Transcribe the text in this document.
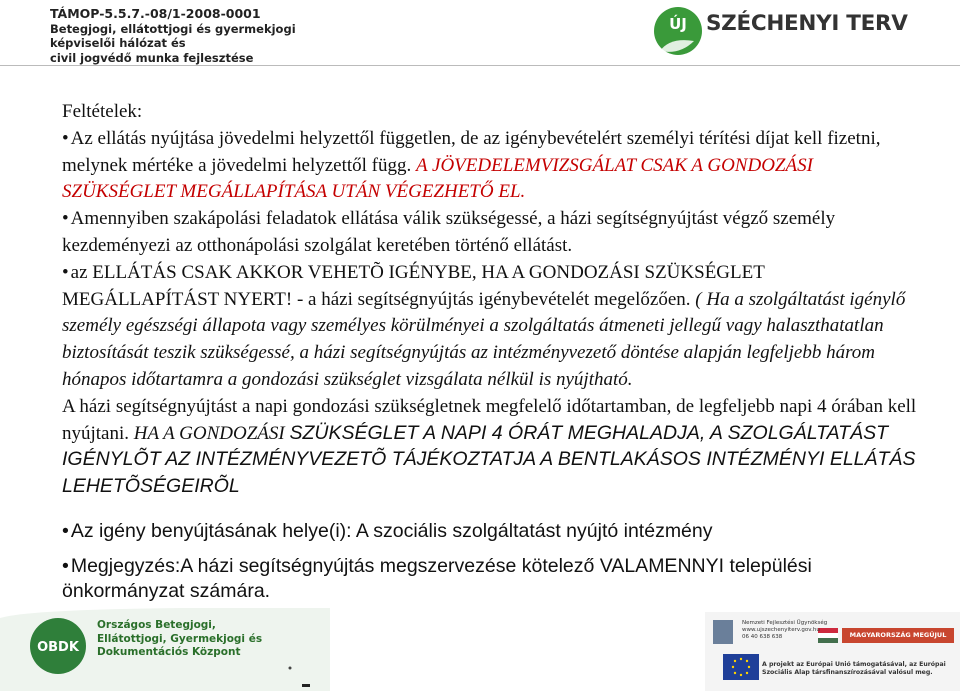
TÁMOP-5.5.7.-08/1-2008-0001
Betegjogi, ellátottjogi és gyermekjogi
képviselői hálózat és
civil jogvédő munka fejlesztése
ÚJ SZÉCHENYI TERV

Feltételek:

• Az ellátás nyújtása jövedelmi helyzettől független, de az igénybevételért személyi térítési díjat kell fizetni, melynek mértéke a jövedelmi helyzettől függ. A JÖVEDELEMVIZSGÁLAT CSAK A GONDOZÁSI SZÜKSÉGLET MEGÁLLAPÍTÁSA UTÁN VÉGEZHETŐ EL.

• Amennyiben szakápolási feladatok ellátása válik szükségessé, a házi segítségnyújtást végző személy kezdeményezi az otthonápolási szolgálat keretében történő ellátást.

• az ELLÁTÁS CSAK AKKOR VEHETÕ IGÉNYBE, HA A GONDOZÁSI SZÜKSÉGLET MEGÁLLAPÍTÁST NYERT! - a házi segítségnyújtás igénybevételét megelőzően. ( Ha a szolgáltatást igénylő személy egészségi állapota vagy személyes körülményei a szolgáltatás átmeneti jellegű vagy halaszthatatlan biztosítását teszik szükségessé, a házi segítségnyújtás az intézményvezető döntése alapján legfeljebb három hónapos időtartamra a gondozási szükséglet vizsgálata nélkül is nyújtható.

A házi segítségnyújtást a napi gondozási szükségletnek megfelelő időtartamban, de legfeljebb napi 4 órában kell nyújtani. HA A GONDOZÁSI SZÜKSÉGLET A NAPI 4 ÓRÁT MEGHALADJA, A SZOLGÁLTATÁST IGÉNYLÕT AZ INTÉZMÉNYVEZETÕ TÁJÉKOZTATJA A BENTLAKÁSOS INTÉZMÉNYI ELLÁTÁS LEHETÕSÉGEIRÕL

• Az igény benyújtásának helye(i): A szociális szolgáltatást nyújtó intézmény

• Megjegyzés:A házi segítségnyújtás megszervezése kötelező VALAMENNYI települési önkormányzat számára.

OBDK
Országos Betegjogi,
Ellátottjogi, Gyermekjogi és
Dokumentációs Központ
Nemzeti Fejlesztési Ügynökség
www.ujszechenyiterv.gov.hu
06 40 638 638	MAGYARORSZÁG MEGÚJUL
A projekt az Európai Unió támogatásával, az Európai Szociális Alap társfinanszírozásával valósul meg.
